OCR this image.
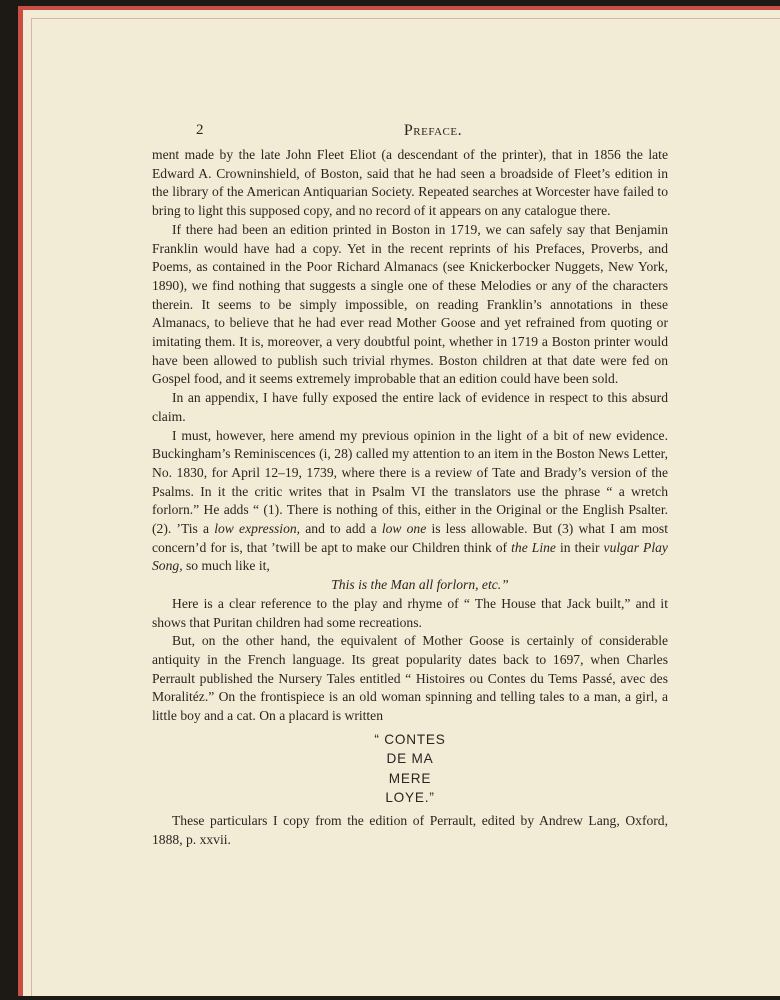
2	Preface.

ment made by the late John Fleet Eliot (a descendant of the printer), that in 1856 the late Edward A. Crowninshield, of Boston, said that he had seen a broadside of Fleet’s edition in the library of the American Antiquarian Society. Repeated searches at Worcester have failed to bring to light this supposed copy, and no record of it appears on any catalogue there.

If there had been an edition printed in Boston in 1719, we can safely say that Benjamin Franklin would have had a copy. Yet in the recent reprints of his Prefaces, Proverbs, and Poems, as contained in the Poor Richard Almanacs (see Knickerbocker Nuggets, New York, 1890), we find nothing that suggests a single one of these Melodies or any of the characters therein. It seems to be simply impossible, on reading Franklin’s annotations in these Almanacs, to believe that he had ever read Mother Goose and yet refrained from quoting or imitating them. It is, moreover, a very doubtful point, whether in 1719 a Boston printer would have been allowed to publish such trivial rhymes. Boston children at that date were fed on Gospel food, and it seems extremely improbable that an edition could have been sold.

In an appendix, I have fully exposed the entire lack of evidence in respect to this absurd claim.

I must, however, here amend my previous opinion in the light of a bit of new evidence. Buckingham’s Reminiscences (i, 28) called my attention to an item in the Boston News Letter, No. 1830, for April 12–19, 1739, where there is a review of Tate and Brady’s version of the Psalms. In it the critic writes that in Psalm VI the translators use the phrase “ a wretch forlorn.” He adds “ (1). There is nothing of this, either in the Original or the English Psalter. (2). ’Tis a low expression, and to add a low one is less allowable. But (3) what I am most concern’d for is, that ’twill be apt to make our Children think of the Line in their vulgar Play Song, so much like it,

This is the Man all forlorn, etc.”

Here is a clear reference to the play and rhyme of “ The House that Jack built,” and it shows that Puritan children had some recreations.

But, on the other hand, the equivalent of Mother Goose is certainly of considerable antiquity in the French language. Its great popularity dates back to 1697, when Charles Perrault published the Nursery Tales entitled “ Histoires ou Contes du Tems Passé, avec des Moralitéz.” On the frontispiece is an old woman spinning and telling tales to a man, a girl, a little boy and a cat. On a placard is written

“ CONTES
DE MA
MERE
LOYE.”

These particulars I copy from the edition of Perrault, edited by Andrew Lang, Oxford, 1888, p. xxvii.
